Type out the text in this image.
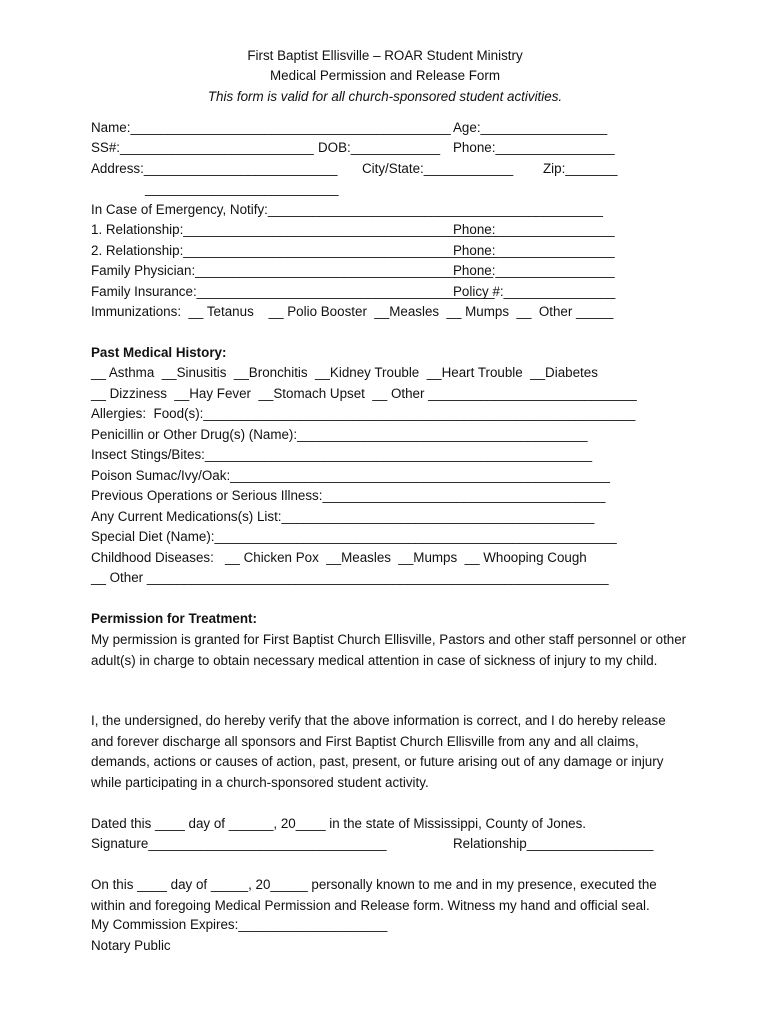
First Baptist Ellisville – ROAR Student Ministry
Medical Permission and Release Form
This form is valid for all church-sponsored student activities.
Name:___________________________________________ Age:_________________
SS#:__________________________ DOB:____________ Phone:________________
Address:__________________________ City/State:____________ Zip:_______
__________________________
In Case of Emergency, Notify:_____________________________________________
1. Relationship:__________________________________________
Phone:________________
2. Relationship:__________________________________________
Phone:________________
Family Physician:________________________________________
Phone:________________
Family Insurance:________________________________________
Policy #:_______________
Immunizations:  __ Tetanus    __ Polio Booster  __Measles  __ Mumps  __  Other _____
Past Medical History:
__ Asthma  __Sinusitis  __Bronchitis  __Kidney Trouble  __Heart Trouble  __Diabetes
__ Dizziness  __Hay Fever  __Stomach Upset  __ Other ____________________________
Allergies:  Food(s):__________________________________________________________
Penicillin or Other Drug(s) (Name):_______________________________________
Insect Stings/Bites:____________________________________________________
Poison Sumac/Ivy/Oak:___________________________________________________
Previous Operations or Serious Illness:______________________________________
Any Current Medications(s) List:__________________________________________
Special Diet (Name):______________________________________________________
Childhood Diseases:   __ Chicken Pox  __Measles  __Mumps  __ Whooping Cough
__ Other ______________________________________________________________
Permission for Treatment:
My permission is granted for First Baptist Church Ellisville, Pastors and other staff personnel or other adult(s) in charge to obtain necessary medical attention in case of sickness of injury to my child.
I, the undersigned, do hereby verify that the above information is correct, and I do hereby release and forever discharge all sponsors and First Baptist Church Ellisville from any and all claims, demands, actions or causes of action, past, present, or future arising out of any damage or injury while participating in a church-sponsored student activity.
Dated this ____ day of ______, 20____ in the state of Mississippi, County of Jones.
Signature________________________________	Relationship_________________
On this ____ day of _____, 20_____ personally known to me and in my presence, executed the within and foregoing Medical Permission and Release form. Witness my hand and official seal.
My Commission Expires:____________________
Notary Public
